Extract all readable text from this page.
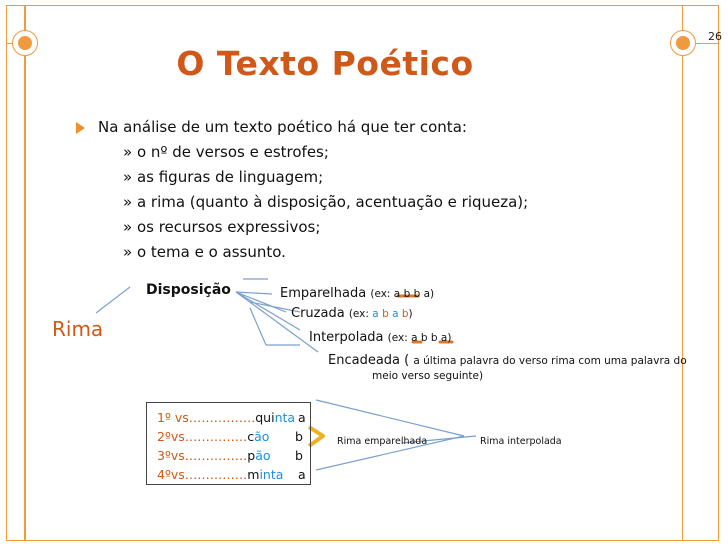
26
O Texto Poético
Na análise de um texto poético há que ter conta:
» o nº de versos e estrofes;
» as figuras de linguagem;
» a rima (quanto à disposição, acentuação e riqueza);
» os recursos expressivos;
» o tema e o assunto.
Rima
Disposição	Emparelhada (ex: a b b a)
Cruzada (ex: a b a b)
Interpolada (ex: a b b a)
Encadeada ( a última palavra do verso rima com uma palavra do
meio verso seguinte)
1º vs…………….quinta
2ºvs……………cão
3ºvs……………pão
4ºvs……………minta
a
b
b
a
Rima emparelhada	Rima interpolada
